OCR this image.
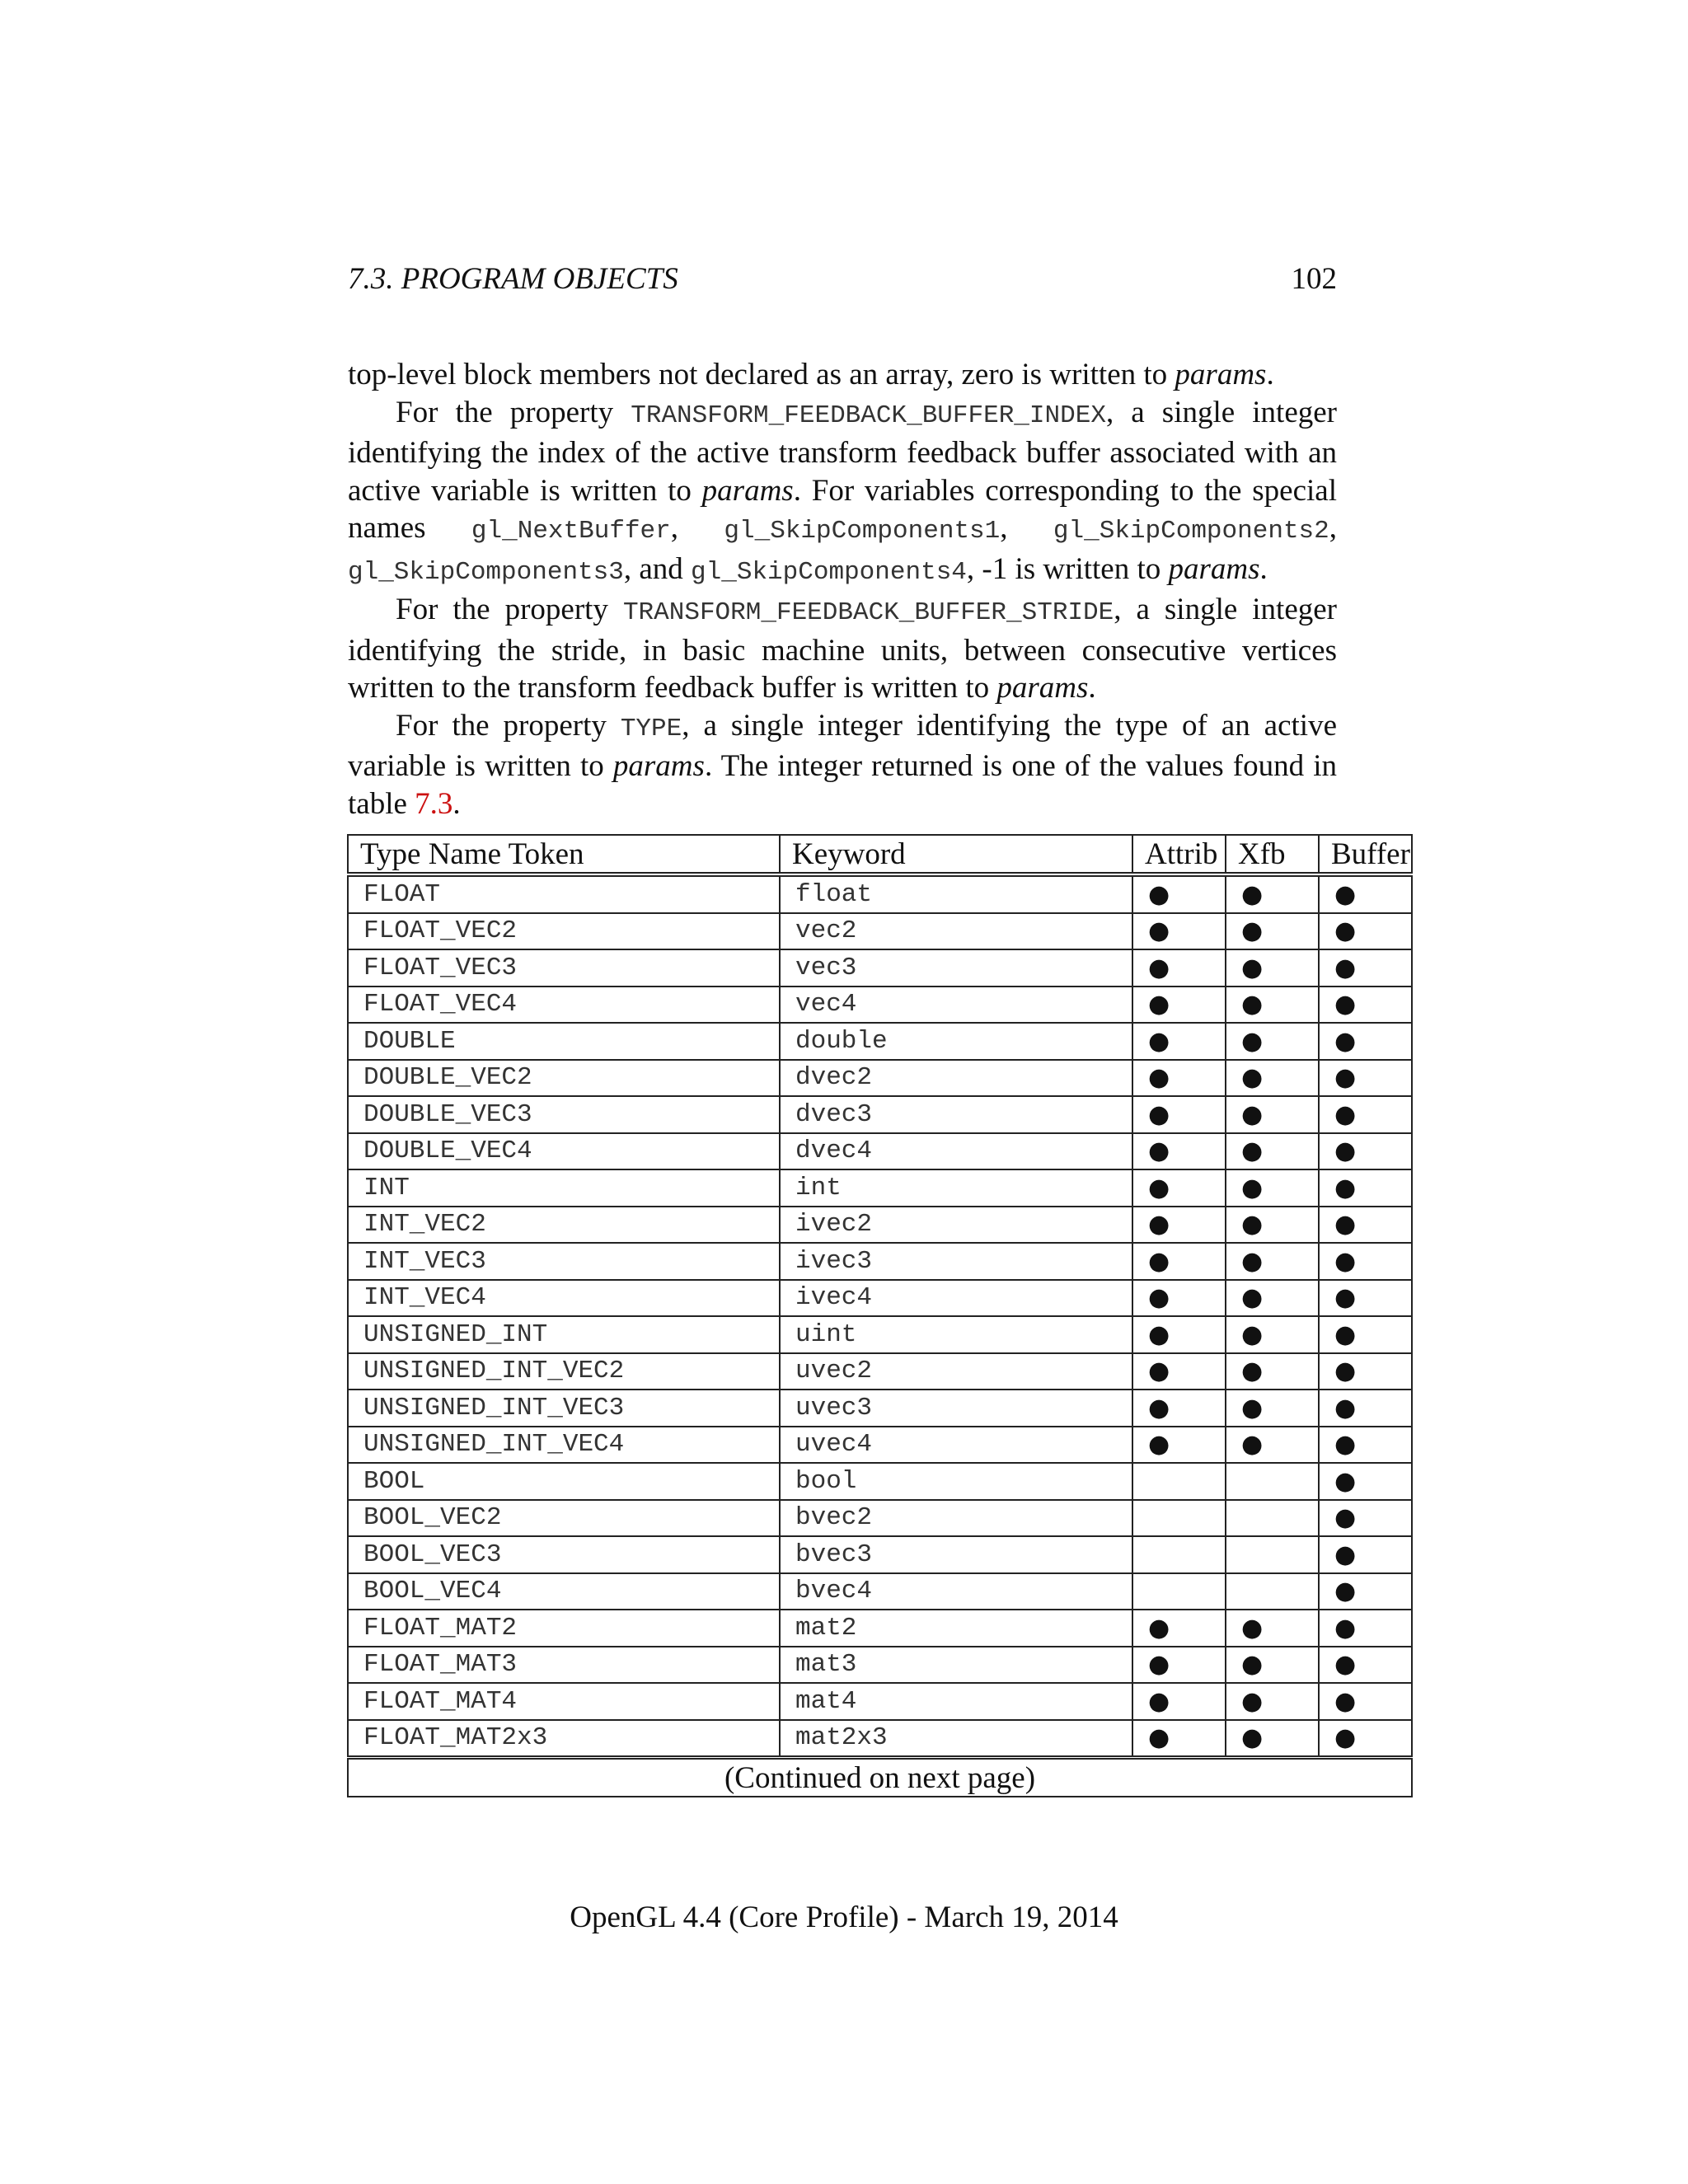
7.3. PROGRAM OBJECTS	102

top-level block members not declared as an array, zero is written to params.

For the property TRANSFORM_FEEDBACK_BUFFER_INDEX, a single integer identifying the index of the active transform feedback buffer associated with an active variable is written to params. For variables corresponding to the special names gl_NextBuffer, gl_SkipComponents1, gl_SkipComponents2, gl_SkipComponents3, and gl_SkipComponents4, -1 is written to params.

For the property TRANSFORM_FEEDBACK_BUFFER_STRIDE, a single integer identifying the stride, in basic machine units, between consecutive vertices written to the transform feedback buffer is written to params.

For the property TYPE, a single integer identifying the type of an active variable is written to params. The integer returned is one of the values found in table 7.3.

Type Name Token	Keyword	Attrib	Xfb	Buffer
FLOAT	float	●	●	●
FLOAT_VEC2	vec2	●	●	●
FLOAT_VEC3	vec3	●	●	●
FLOAT_VEC4	vec4	●	●	●
DOUBLE	double	●	●	●
DOUBLE_VEC2	dvec2	●	●	●
DOUBLE_VEC3	dvec3	●	●	●
DOUBLE_VEC4	dvec4	●	●	●
INT	int	●	●	●
INT_VEC2	ivec2	●	●	●
INT_VEC3	ivec3	●	●	●
INT_VEC4	ivec4	●	●	●
UNSIGNED_INT	uint	●	●	●
UNSIGNED_INT_VEC2	uvec2	●	●	●
UNSIGNED_INT_VEC3	uvec3	●	●	●
UNSIGNED_INT_VEC4	uvec4	●	●	●
BOOL	bool			●
BOOL_VEC2	bvec2			●
BOOL_VEC3	bvec3			●
BOOL_VEC4	bvec4			●
FLOAT_MAT2	mat2	●	●	●
FLOAT_MAT3	mat3	●	●	●
FLOAT_MAT4	mat4	●	●	●
FLOAT_MAT2x3	mat2x3	●	●	●
(Continued on next page)				
OpenGL 4.4 (Core Profile) - March 19, 2014
